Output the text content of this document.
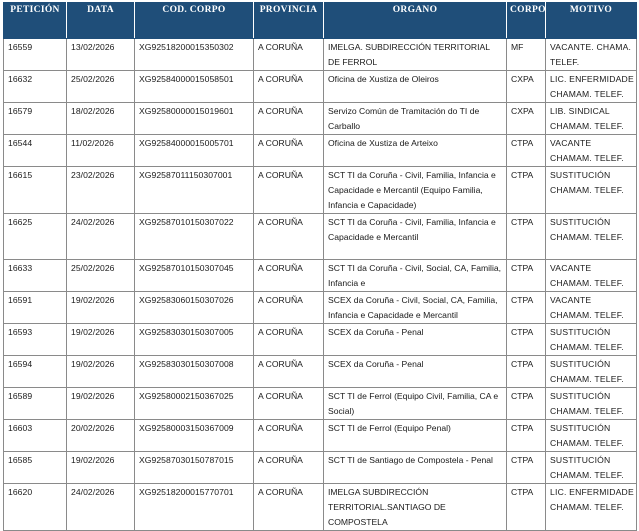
PETICIÓN	DATA	COD. CORPO	PROVINCIA	ORGANO	CORPO	MOTIVO
16559	13/02/2026	XG92518200015350302	A CORUÑA	IMELGA. SUBDIRECCIÓN TERRITORIAL DE FERROL	MF	VACANTE. CHAMA. TELEF.
16632	25/02/2026	XG92584000015058501	A CORUÑA	Oficina de Xustiza de Oleiros	CXPA	LIC. ENFERMIDADE CHAMAM. TELEF.
16579	18/02/2026	XG92580000015019601	A CORUÑA	Servizo Común de Tramitación do TI de Carballo	CXPA	LIB. SINDICAL CHAMAM. TELEF.
16544	11/02/2026	XG92584000015005701	A CORUÑA	Oficina de Xustiza de Arteixo	CTPA	VACANTE CHAMAM. TELEF.
16615	23/02/2026	XG92587011150307001	A CORUÑA	SCT TI da Coruña - Civil, Familia, Infancia e Capacidade e Mercantil (Equipo Familia, Infancia e Capacidade)	CTPA	SUSTITUCIÓN CHAMAM. TELEF.
16625	24/02/2026	XG92587010150307022	A CORUÑA	SCT TI da Coruña - Civil, Familia, Infancia e Capacidade e Mercantil	CTPA	SUSTITUCIÓN CHAMAM. TELEF.
16633	25/02/2026	XG92587010150307045	A CORUÑA	SCT TI da Coruña - Civil, Social, CA, Familia, Infancia e	CTPA	VACANTE CHAMAM. TELEF.
16591	19/02/2026	XG92583060150307026	A CORUÑA	SCEX da Coruña - Civil, Social, CA, Familia, Infancia e Capacidade e Mercantil	CTPA	VACANTE CHAMAM. TELEF.
16593	19/02/2026	XG92583030150307005	A CORUÑA	SCEX da Coruña - Penal	CTPA	SUSTITUCIÓN CHAMAM. TELEF.
16594	19/02/2026	XG92583030150307008	A CORUÑA	SCEX da Coruña - Penal	CTPA	SUSTITUCIÓN CHAMAM. TELEF.
16589	19/02/2026	XG92580002150367025	A CORUÑA	SCT TI de Ferrol (Equipo Civil, Familia, CA e Social)	CTPA	SUSTITUCIÓN CHAMAM. TELEF.
16603	20/02/2026	XG92580003150367009	A CORUÑA	SCT TI de Ferrol (Equipo Penal)	CTPA	SUSTITUCIÓN CHAMAM. TELEF.
16585	19/02/2026	XG92587030150787015	A CORUÑA	SCT TI de Santiago de Compostela - Penal	CTPA	SUSTITUCIÓN CHAMAM. TELEF.
16620	24/02/2026	XG92518200015770701	A CORUÑA	IMELGA SUBDIRECCIÓN TERRITORIAL.SANTIAGO DE COMPOSTELA	CTPA	LIC. ENFERMIDADE CHAMAM. TELEF.
